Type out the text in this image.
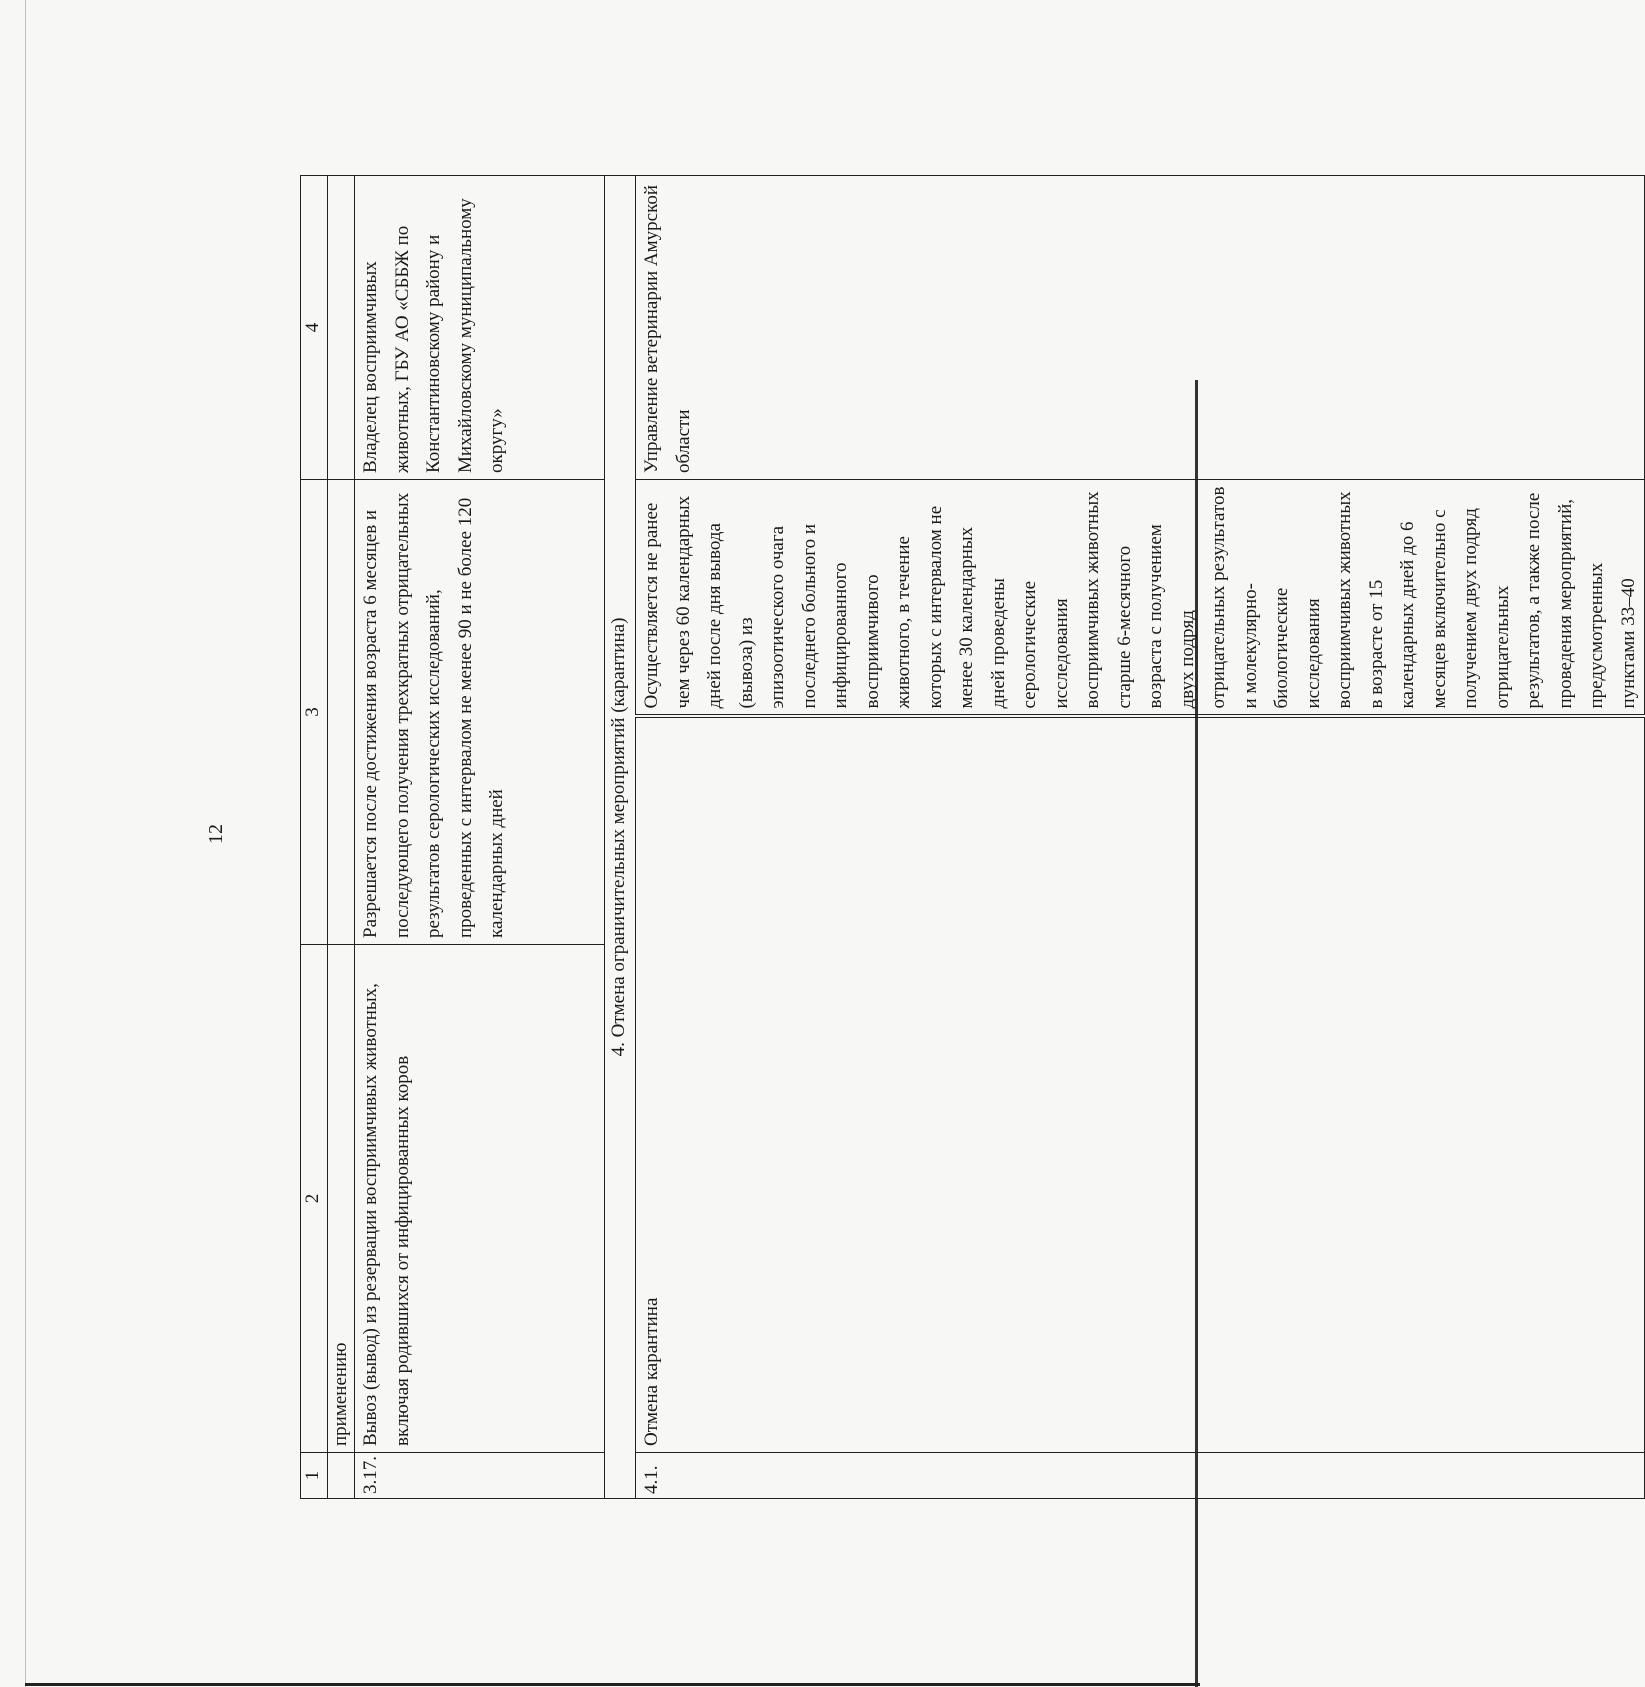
12
1	2	3		4
	применению			
3.17.	Вывоз (вывод) из резервации восприимчивых животных, включая родившихся от инфицированных коров	Разрешается после достижения возраста 6 месяцев и последующего получения трехкратных отрицательных результатов серологических исследований, проведенных с интервалом не менее 90 и не более 120 календарных дней		Владелец восприимчивых животных, ГБУ АО «СББЖ по Константиновскому району и Михайловскому муниципальному округу»
4. Отмена ограничительных мероприятий (карантина)				
4.1.	Отмена карантина		Осуществляется не ранее чем через 60 календарных дней после дня вывода (вывоза) из эпизоотического очага последнего больного и инфицированного восприимчивого животного, в течение которых с интервалом не менее 30 календарных дней проведены серологические исследования восприимчивых животных старше 6-месячного возраста с получением двух подряд отрицательных результатов и молекулярно-биологические исследования восприимчивых животных в возрасте от 15 календарных дней до 6 месяцев включительно с получением двух подряд отрицательных результатов, а также после проведения мероприятий, предусмотренных пунктами 33–40	Управление ветеринарии Амурской области
